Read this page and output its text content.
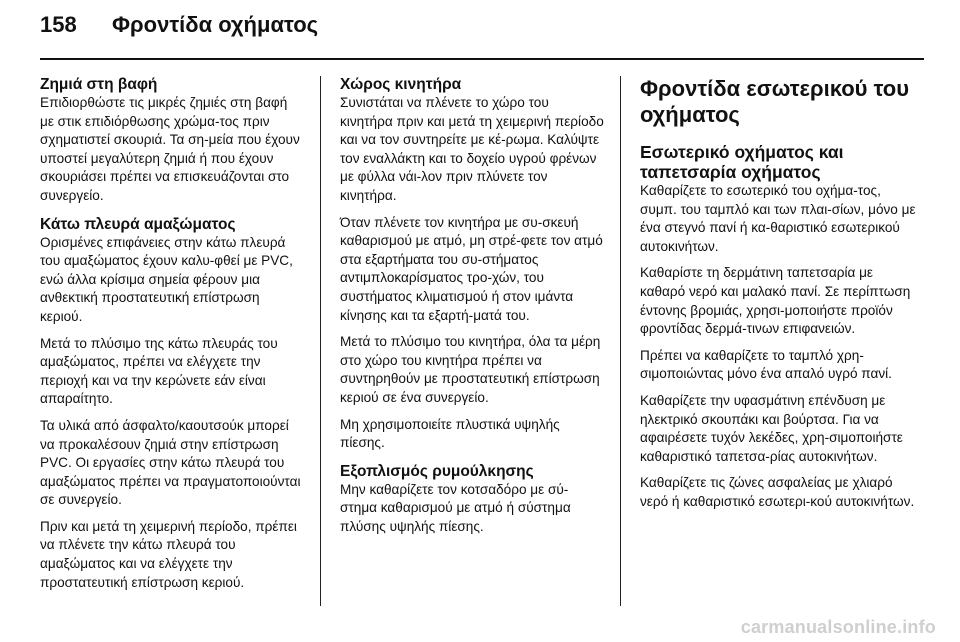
158	Φροντίδα οχήματος
Ζημιά στη βαφή

Επιδιορθώστε τις μικρές ζημιές στη βαφή με στικ επιδιόρθωσης χρώμα-τος πριν σχηματιστεί σκουριά. Τα ση-μεία που έχουν υποστεί μεγαλύτερη ζημιά ή που έχουν σκουριάσει πρέπει να επισκευάζονται στο συνεργείο.

Κάτω πλευρά αμαξώματος

Ορισμένες επιφάνειες στην κάτω πλευρά του αμαξώματος έχουν καλυ-φθεί με PVC, ενώ άλλα κρίσιμα σημεία φέρουν μια ανθεκτική προστατευτική επίστρωση κεριού.

Μετά το πλύσιμο της κάτω πλευράς του αμαξώματος, πρέπει να ελέγχετε την περιοχή και να την κερώνετε εάν είναι απαραίτητο.

Τα υλικά από άσφαλτο/καουτσούκ μπορεί να προκαλέσουν ζημιά στην επίστρωση PVC. Οι εργασίες στην κάτω πλευρά του αμαξώματος πρέπει να πραγματοποιούνται σε συνεργείο.

Πριν και μετά τη χειμερινή περίοδο, πρέπει να πλένετε την κάτω πλευρά του αμαξώματος και να ελέγχετε την προστατευτική επίστρωση κεριού.

Χώρος κινητήρα

Συνιστάται να πλένετε το χώρο του κινητήρα πριν και μετά τη χειμερινή περίοδο και να τον συντηρείτε με κέ-ρωμα. Καλύψτε τον εναλλάκτη και το δοχείο υγρού φρένων με φύλλα νάι-λον πριν πλύνετε τον κινητήρα.

Όταν πλένετε τον κινητήρα με συ-σκευή καθαρισμού με ατμό, μη στρέ-φετε τον ατμό στα εξαρτήματα του συ-στήματος αντιμπλοκαρίσματος τρο-χών, του συστήματος κλιματισμού ή στον ιμάντα κίνησης και τα εξαρτή-ματά του.

Μετά το πλύσιμο του κινητήρα, όλα τα μέρη στο χώρο του κινητήρα πρέπει να συντηρηθούν με προστατευτική επίστρωση κεριού σε ένα συνεργείο.

Μη χρησιμοποιείτε πλυστικά υψηλής πίεσης.

Εξοπλισμός ρυμούλκησης

Μην καθαρίζετε τον κοτσαδόρο με σύ-στημα καθαρισμού με ατμό ή σύστημα πλύσης υψηλής πίεσης.

Φροντίδα εσωτερικού του οχήματος
Εσωτερικό οχήματος και ταπετσαρία οχήματος

Καθαρίζετε το εσωτερικό του οχήμα-τος, συμπ. του ταμπλό και των πλαι-σίων, μόνο με ένα στεγνό πανί ή κα-θαριστικό εσωτερικού αυτοκινήτων.

Καθαρίστε τη δερμάτινη ταπετσαρία με καθαρό νερό και μαλακό πανί. Σε περίπτωση έντονης βρομιάς, χρησι-μοποιήστε προϊόν φροντίδας δερμά-τινων επιφανειών.

Πρέπει να καθαρίζετε το ταμπλό χρη-σιμοποιώντας μόνο ένα απαλό υγρό πανί.

Καθαρίζετε την υφασμάτινη επένδυση με ηλεκτρικό σκουπάκι και βούρτσα. Για να αφαιρέσετε τυχόν λεκέδες, χρη-σιμοποιήστε καθαριστικό ταπετσα-ρίας αυτοκινήτων.

Καθαρίζετε τις ζώνες ασφαλείας με χλιαρό νερό ή καθαριστικό εσωτερι-κού αυτοκινήτων.

carmanualsonline.info
